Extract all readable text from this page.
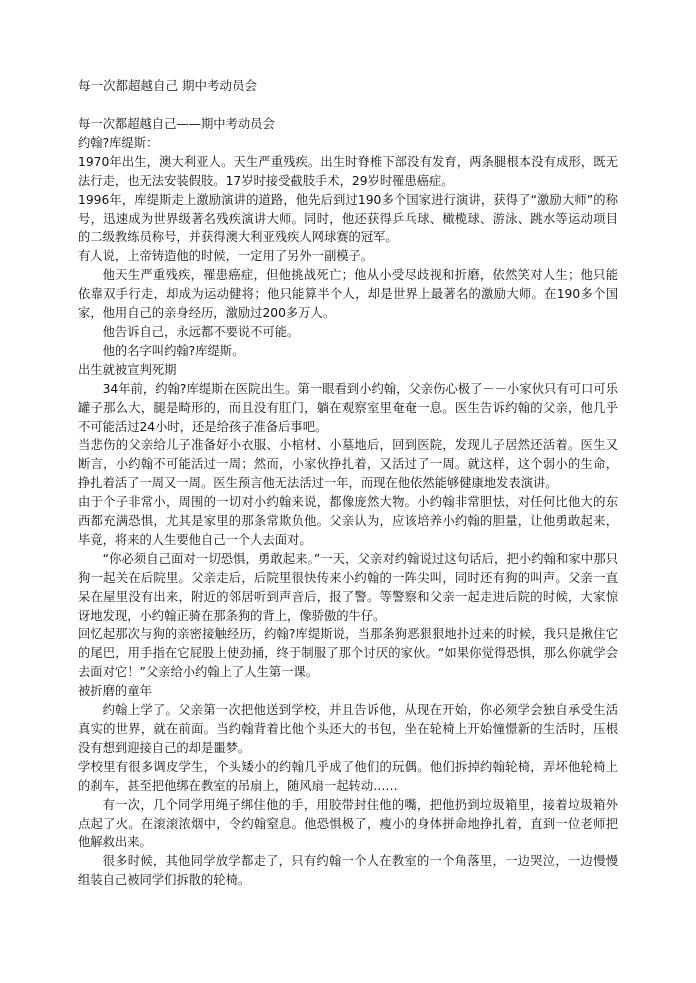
每一次都超越自己 期中考动员会

每一次都超越自己——期中考动员会

约翰?库缇斯：

1970年出生，澳大利亚人。天生严重残疾。出生时脊椎下部没有发育，两条腿根本没有成形，既无法行走，也无法安装假肢。17岁时接受截肢手术，29岁时罹患癌症。

1996年，库缇斯走上激励演讲的道路，他先后到过190多个国家进行演讲，获得了“激励大师”的称号，迅速成为世界级著名残疾演讲大师。同时，他还获得乒乓球、橄榄球、游泳、跳水等运动项目的二级教练员称号，并获得澳大利亚残疾人网球赛的冠军。

有人说，上帝铸造他的时候，一定用了另外一副模子。

他天生严重残疾，罹患癌症，但他挑战死亡；他从小受尽歧视和折磨，依然笑对人生；他只能依靠双手行走，却成为运动健将；他只能算半个人，却是世界上最著名的激励大师。在190多个国家，他用自己的亲身经历，激励过200多万人。

他告诉自己，永远都不要说不可能。

他的名字叫约翰?库缇斯。

出生就被宣判死期

34年前，约翰?库缇斯在医院出生。第一眼看到小约翰，父亲伤心极了－－小家伙只有可口可乐罐子那么大，腿是畸形的，而且没有肛门，躺在观察室里奄奄一息。医生告诉约翰的父亲，他几乎不可能活过24小时，还是给孩子准备后事吧。

当悲伤的父亲给儿子准备好小衣服、小棺材、小墓地后，回到医院，发现儿子居然还活着。医生又断言，小约翰不可能活过一周；然而，小家伙挣扎着，又活过了一周。就这样，这个弱小的生命，挣扎着活了一周又一周。医生预言他无法活过一年，而现在他依然能够健康地发表演讲。

由于个子非常小，周围的一切对小约翰来说，都像庞然大物。小约翰非常胆怯，对任何比他大的东西都充满恐惧，尤其是家里的那条常欺负他。父亲认为，应该培养小约翰的胆量，让他勇敢起来，毕竟，将来的人生要他自己一个人去面对。

“你必须自己面对一切恐惧，勇敢起来。”一天，父亲对约翰说过这句话后，把小约翰和家中那只狗一起关在后院里。父亲走后，后院里很快传来小约翰的一阵尖叫，同时还有狗的叫声。父亲一直呆在屋里没有出来，附近的邻居听到声音后，报了警。等警察和父亲一起走进后院的时候，大家惊讶地发现，小约翰正骑在那条狗的背上，像骄傲的牛仔。

回忆起那次与狗的亲密接触经历，约翰?库缇斯说，当那条狗恶狠狠地扑过来的时候，我只是揪住它的尾巴，用手指在它屁股上使劲捅，终于制服了那个讨厌的家伙。“如果你觉得恐惧，那么你就学会去面对它！”父亲给小约翰上了人生第一课。

被折磨的童年

约翰上学了。父亲第一次把他送到学校，并且告诉他，从现在开始，你必须学会独自承受生活真实的世界，就在前面。当约翰背着比他个头还大的书包，坐在轮椅上开始憧憬新的生活时，压根没有想到迎接自己的却是噩梦。

学校里有很多调皮学生，个头矮小的约翰几乎成了他们的玩偶。他们拆掉约翰轮椅，弄坏他轮椅上的刹车，甚至把他绑在教室的吊扇上，随风扇一起转动……

有一次，几个同学用绳子绑住他的手，用胶带封住他的嘴，把他扔到垃圾箱里，接着垃圾箱外点起了火。在滚滚浓烟中，令约翰窒息。他恐惧极了，瘦小的身体拼命地挣扎着，直到一位老师把他解救出来。

很多时候，其他同学放学都走了，只有约翰一个人在教室的一个角落里，一边哭泣，一边慢慢组装自己被同学们拆散的轮椅。
